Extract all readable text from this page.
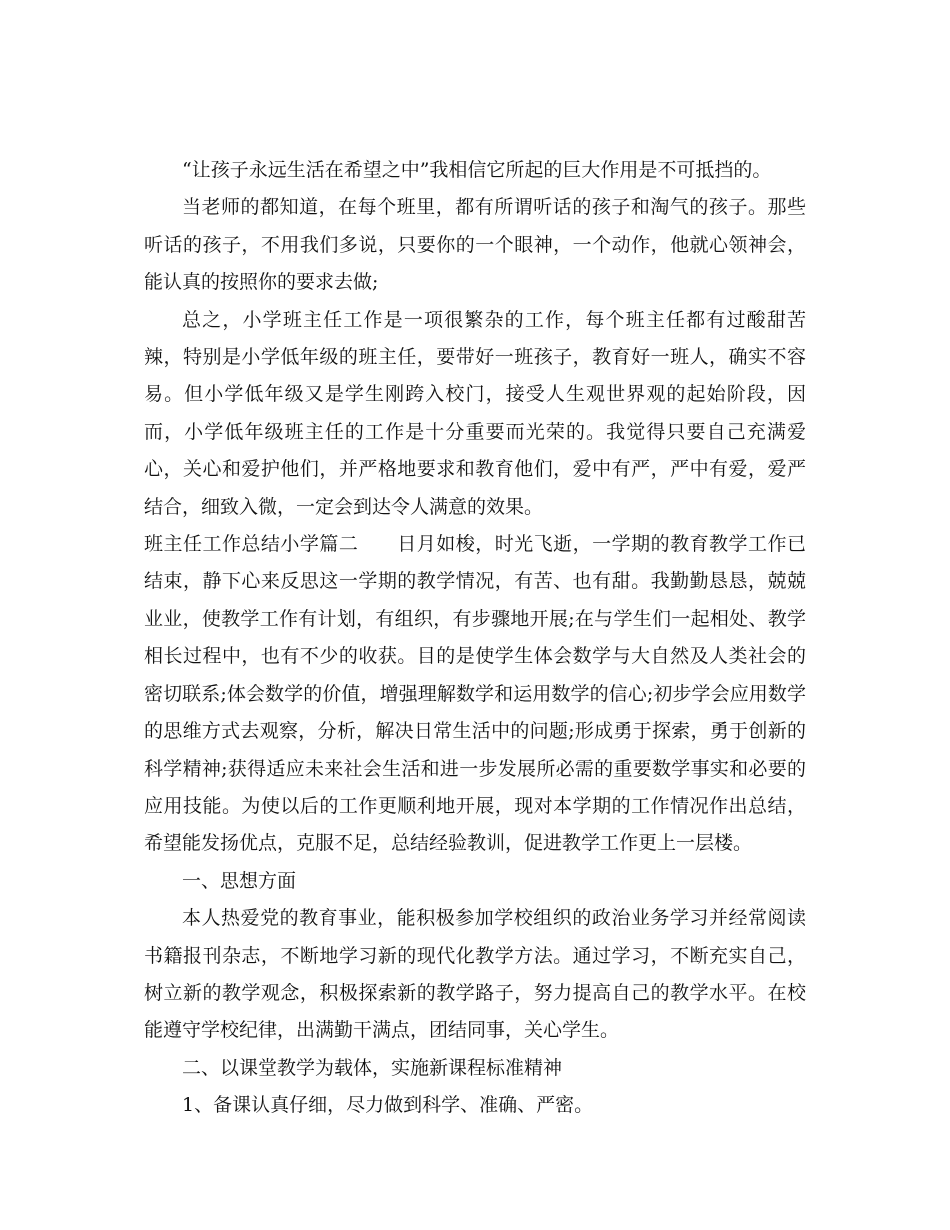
“让孩子永远生活在希望之中”我相信它所起的巨大作用是不可抵挡的。

当老师的都知道，在每个班里，都有所谓听话的孩子和淘气的孩子。那些听话的孩子，不用我们多说，只要你的一个眼神，一个动作，他就心领神会，能认真的按照你的要求去做;

总之，小学班主任工作是一项很繁杂的工作，每个班主任都有过酸甜苦辣，特别是小学低年级的班主任，要带好一班孩子，教育好一班人，确实不容易。但小学低年级又是学生刚跨入校门，接受人生观世界观的起始阶段，因而，小学低年级班主任的工作是十分重要而光荣的。我觉得只要自己充满爱心，关心和爱护他们，并严格地要求和教育他们，爱中有严，严中有爱，爱严结合，细致入微，一定会到达令人满意的效果。

班主任工作总结小学篇二　　日月如梭，时光飞逝，一学期的教育教学工作已结束，静下心来反思这一学期的教学情况，有苦、也有甜。我勤勤恳恳，兢兢业业，使教学工作有计划，有组织，有步骤地开展;在与学生们一起相处、教学相长过程中，也有不少的收获。目的是使学生体会数学与大自然及人类社会的密切联系;体会数学的价值，增强理解数学和运用数学的信心;初步学会应用数学的思维方式去观察，分析，解决日常生活中的问题;形成勇于探索，勇于创新的科学精神;获得适应未来社会生活和进一步发展所必需的重要数学事实和必要的应用技能。为使以后的工作更顺利地开展，现对本学期的工作情况作出总结，希望能发扬优点，克服不足，总结经验教训，促进教学工作更上一层楼。

一、思想方面

本人热爱党的教育事业，能积极参加学校组织的政治业务学习并经常阅读书籍报刊杂志，不断地学习新的现代化教学方法。通过学习，不断充实自己，树立新的教学观念，积极探索新的教学路子，努力提高自己的教学水平。在校能遵守学校纪律，出满勤干满点，团结同事，关心学生。

二、以课堂教学为载体，实施新课程标准精神

1、备课认真仔细，尽力做到科学、准确、严密。
